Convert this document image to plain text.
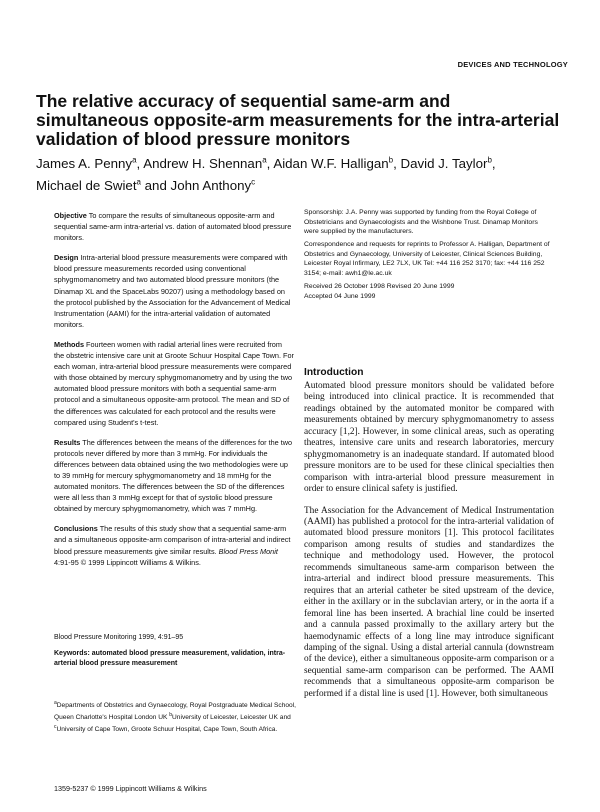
DEVICES AND TECHNOLOGY
The relative accuracy of sequential same-arm and simultaneous opposite-arm measurements for the intra-arterial validation of blood pressure monitors

James A. Penny$^a$, Andrew H. Shennan$^a$, Aidan W.F. Halligan$^b$, David J. Taylor$^b$,
Michael de Swiet$^a$ and John Anthony$^c$

Objective To compare the results of simultaneous opposite-arm and sequential same-arm intra-arterial vs. dation of automated blood pressure monitors.

Design Intra-arterial blood pressure measurements were compared with blood pressure measurements recorded using conventional sphygmomanometry and two automated blood pressure monitors (the Dinamap XL and the SpaceLabs 90207) using a methodology based on the protocol published by the Association for the Advancement of Medical Instrumentation (AAMI) for the intra-arterial validation of automated monitors.

Methods Fourteen women with radial arterial lines were recruited from the obstetric intensive care unit at Groote Schuur Hospital Cape Town. For each woman, intra-arterial blood pressure measurements were compared with those obtained by mercury sphygmomanometry and by using the two automated blood pressure monitors with both a sequential same-arm protocol and a simultaneous opposite-arm protocol. The mean and SD of the differences was calculated for each protocol and the results were compared using Student's t-test.

Results The differences between the means of the differences for the two protocols never differed by more than 3 mmHg. For individuals the differences between data obtained using the two methodologies were up to 39 mmHg for mercury sphygmomanometry and 18 mmHg for the automated monitors. The differences between the SD of the differences were all less than 3 mmHg except for that of systolic blood pressure obtained by mercury sphygmomanometry, which was 7 mmHg.

Conclusions The results of this study show that a sequential same-arm and a simultaneous opposite-arm comparison of intra-arterial and indirect blood pressure measurements give similar results. Blood Press Monit 4:91-95 © 1999 Lippincott Williams & Wilkins.

Blood Pressure Monitoring 1999, 4:91–95

Keywords: automated blood pressure measurement, validation, intra-arterial blood pressure measurement

$^a$Departments of Obstetrics and Gynaecology, Royal Postgraduate Medical School, Queen Charlotte's Hospital London UK $^b$University of Leicester, Leicester UK and $^c$University of Cape Town, Groote Schuur Hospital, Cape Town, South Africa.

1359-5237 © 1999 Lippincott Williams & Wilkins

Sponsorship: J.A. Penny was supported by funding from the Royal College of Obstetricians and Gynaecologists and the Wishbone Trust. Dinamap Monitors were supplied by the manufacturers.
Correspondence and requests for reprints to Professor A. Halligan, Department of Obstetrics and Gynaecology, University of Leicester, Clinical Sciences Building, Leicester Royal Infirmary, LE2 7LX, UK Tel: +44 116 252 3170; fax: +44 116 252 3154; e-mail: awh1@le.ac.uk

Received 26 October 1998 Revised 20 June 1999

Accepted 04 June 1999

Introduction

Automated blood pressure monitors should be validated before being introduced into clinical practice. It is recommended that readings obtained by the automated monitor be compared with measurements obtained by mercury sphygmomanometry to assess accuracy [1,2]. However, in some clinical areas, such as operating theatres, intensive care units and research laboratories, mercury sphygmomanometry is an inadequate standard. If automated blood pressure monitors are to be used for these clinical specialties then comparison with intra-arterial blood pressure measurement in order to ensure clinical safety is justified.

The Association for the Advancement of Medical Instrumentation (AAMI) has published a protocol for the intra-arterial validation of automated blood pressure monitors [1]. This protocol facilitates comparison among results of studies and standardizes the technique and methodology used. However, the protocol recommends simultaneous same-arm comparison between the intra-arterial and indirect blood pressure measurements. This requires that an arterial catheter be sited upstream of the device, either in the axillary or in the subclavian artery, or in the aorta if a femoral line has been inserted. A brachial line could be inserted and a cannula passed proximally to the axillary artery but the haemodynamic effects of a long line may introduce significant damping of the signal. Using a distal arterial cannula (downstream of the device), either a simultaneous opposite-arm comparison or a sequential same-arm comparison can be performed. The AAMI recommends that a simultaneous opposite-arm comparison be performed if a distal line is used [1]. However, both simultaneous
